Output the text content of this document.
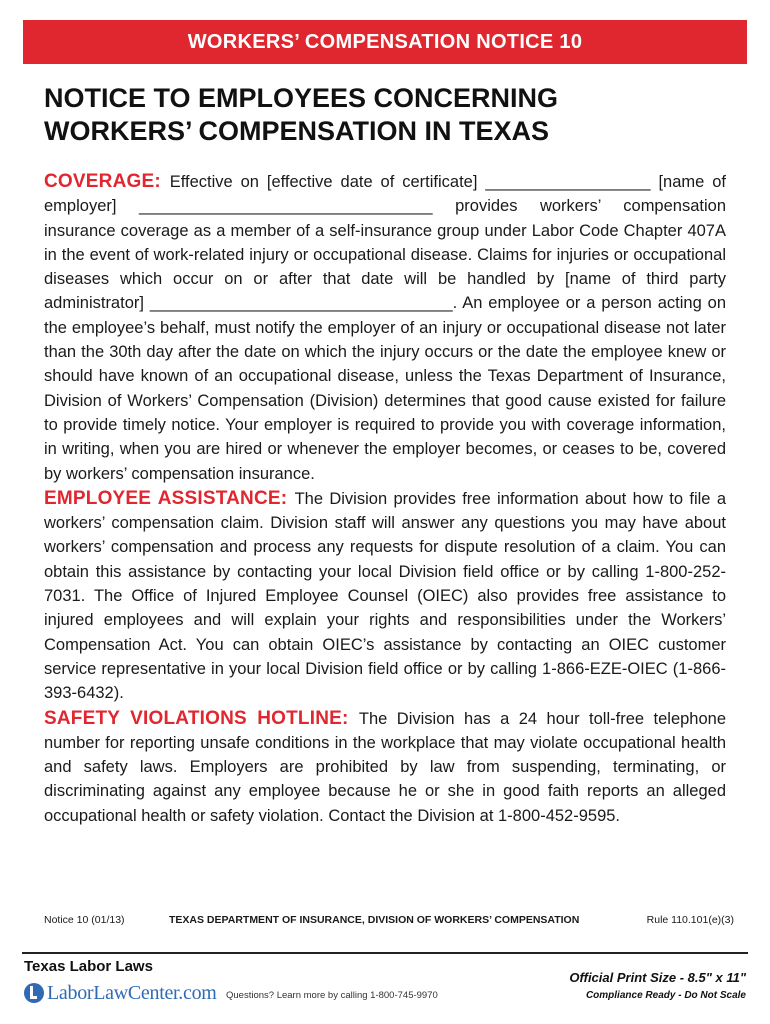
WORKERS’ COMPENSATION NOTICE 10
NOTICE TO EMPLOYEES CONCERNING
WORKERS’ COMPENSATION IN TEXAS

COVERAGE: Effective on [effective date of certificate] __________________ [name of employer] ________________________________ provides workers’ compensation insurance coverage as a member of a self-insurance group under Labor Code Chapter 407A in the event of work-related injury or occupational disease. Claims for injuries or occupational diseases which occur on or after that date will be handled by [name of third party administrator] _________________________________. An employee or a person acting on the employee’s behalf, must notify the employer of an injury or occupational disease not later than the 30th day after the date on which the injury occurs or the date the employee knew or should have known of an occupational disease, unless the Texas Department of Insurance, Division of Workers’ Compensation (Division) determines that good cause existed for failure to provide timely notice. Your employer is required to provide you with coverage information, in writing, when you are hired or whenever the employer becomes, or ceases to be, covered by workers’ compensation insurance.

EMPLOYEE ASSISTANCE: The Division provides free information about how to file a workers’ compensation claim. Division staff will answer any questions you may have about workers’ compensation and process any requests for dispute resolution of a claim. You can obtain this assistance by contacting your local Division field office or by calling 1-800-252-7031. The Office of Injured Employee Counsel (OIEC) also provides free assistance to injured employees and will explain your rights and responsibilities under the Workers’ Compensation Act. You can obtain OIEC’s assistance by contacting an OIEC customer service representative in your local Division field office or by calling 1-866-EZE-OIEC (1-866-393-6432).

SAFETY VIOLATIONS HOTLINE: The Division has a 24 hour toll-free telephone number for reporting unsafe conditions in the workplace that may violate occupational health and safety laws. Employers are prohibited by law from suspending, terminating, or discriminating against any employee because he or she in good faith reports an alleged occupational health or safety violation. Contact the Division at 1-800-452-9595.

Notice 10 (01/13)	TEXAS DEPARTMENT OF INSURANCE, DIVISION OF WORKERS’ COMPENSATION	Rule 110.101(e)(3)
Texas Labor Laws
LaborLawCenter.com Questions? Learn more by calling 1-800-745-9970
Official Print Size - 8.5" x 11"
Compliance Ready - Do Not Scale
